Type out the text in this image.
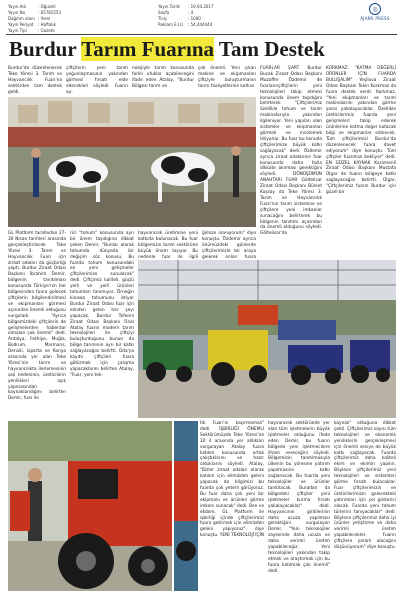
Yayın Adı	: Oğuzeli
Yayın No	: 65781553
Dağıtım alanı : Yerel
Yayın Periyot	: Haftalık
Yayın Tipi	: Gazete
Yayın Tarihi	: 19.04.2017
Sayfa	: 4
Tiraj	: 1000
Reklam E.(s)	: 54,444444
◎
AJANS PRESS
Burdur Tarım Fuarına Tam Destek
Burdur'da düzenlenecek Teke Yöresi 3. Tarım ve Hayvancılık Fuarı'na sektörden tam destek geldi.
çiftçilerin yeni tarım yoğunlaşmasının yakından görmesi fırsatı elde edecekleri söyledi. Fuarın ay-
nolojiyle tarım konusunda farklı ufuklar açabilecegini ifade eden Atalay, "Burdur Bölgesi tarım ve
çok önemli. Yeni çıkan makine ve ekipmanları çiftçiyle buluşturmanın tarım faaliyetlerine katkısı
FUARLAR ŞART Burdur Bucak Ziraat Odası Başkanı Muzaffer Özdemir de fuarlarınçiftçilerin yeni teknolojileri takip etmesi konusunda önem taşıdığını belirterek "Çiftçilerimiz özellikle tohum ve tarım makinalarıyla yakından ilgileniyor. Yeni yapılan olan sistemler ve ekipmanları görmek ve incelemek istiyorlar. Bu fuar bu konuda çiftçilerimize büyük katkı sağlayacak" dedi. Özdemir ayrıca ziraat odalarının fuar konusunda daha fazla dikkate alınması gerektiğini söyledi. DÖNÜŞÜMÜN ANAHTARI FUAR Göltelisar Ziraat Odası Başkanı Bülent Kuşsoy da Teke Yöresi 3. Tarım ve Hayvancılık Fuarı'nın tarım sistemine ve çiftçilere yeni imkanlar sunacağını belirterek bu bölgenin tanıtımı açısından da önemli olduğunu söyledi. Göltelisar'da
KORKMAZ: "KATMA DEĞERLİ ÜRÜNLER İÇİN FUARDA BULUŞALIM" Yeşilova Ziraat Odası Başkanı Tekin Korkmaz da fuara destek verdi. Korkmaz, "Yeni ekipmanları ve tarım makinalarını yakından görme şansı yakalayacaklar. Özellikle üreticilerimiz fuarda yeni gelişmeleri takip ederek ürünlerine katma değer katacak bilgi ve ekipmanlar edinecek. Tüm çiftçilerimizi Burdur'da düzenlenecek fuara davet ediyorum" diye konuştu. Tüm çiftçiler fuarımızı bekliyor" dedi. EN GÜZEL KAYNAK Karamenli Ziraat Odası Başkanı Mustafa Ülgar de fuarın bölgeye katkı sağlayacağını belirtti. Ülgar, "Çiftçilerimiz fuarın Burdur için güzel bir
GL Platform tarafından 27-30 Nisan tarihleri arasında gerçekleştirilecek Teke Yöresi 3. Tarım ve Hayvancılık Fuarı için ziraat odaları da güçbirliği yaptı. Burdur Ziraat Odası Başkanı İbrahim Demir, bölgenin tanıtılması konusunda Türkiye'nin her bölgesinden fuara gelecek çiftçilerin bilgilendirilmesi ve ekipmanları görmesi açısından önemli olduğunu vurguladı. "Ayrıca bölgemizdeki çiftçilerin de gelişmelerden haberdar olmaları çok önemli" dedi. Antalya, Fethiye, Muğla, Bodrum, Marmaris, Denizli, Isparta ve Konya arasında yer alan Teke Yöresi'nin tarım ve hayvancılıkta ilerlemesinin asıl nedeninin, üreticilerin yenilikleri açık yapmasından kaynaklandığını belirten Demir, fuar ile
rici "tohum" konusunda ayrı bir önem taşıdığına dikkat çeken Demir, "Bunlar olarak tohumda dünyada bir değişim söz konusu. Bu fuarda tohum konusundaki en yeni gelişmeler çiftçilerimize sunulacak" dedi. Çiftçimiz kaliteli, güçlü yerli ve yerli ürünleri tohumları tanımıyor. Örneğin kinowa tohumunu istiyor Burdur Ziraat Odası fuar için elinden gelen her şeyi yapacak. Burdur Tefenni Ziraat Odası Başkanı Ünal Atalay fuarın modern tarım teknolojileri ile çiftçiyi buluşturduğunu bunun da bölge tarımının ayrı bir katkı sağlayacağını belirtti. Oda'ya kayıtlı çiftçileri fuara götürmek için çalışma yapacaklarını belirten Atalay, "Fuar, yeni tek-
hayvancılık üretimine yeni katkıda bulunacak. Bu fuar bölgemizin tarım sektörüne büyük önem taşıyor. Bu nedenle fuar ile ilgili
ğimize inanıyorum" diye konuştu. Özdemir ayrıca önümüzdeki günlerde çiftçilerimizle bir araya gelerek onları fuara
tik Fuarı'nı kaçırmamalı" dedi. İŞBİRLİĞİ ÖNEMLİ Sektörümüzde Teke Yöresi'ne 10 il arasında yer aldıkları vurgulayan Atalay fuara katılım konusunda ortak çalıştıklarını ve hazır olduklarını söyledi. Atalay, "Bizler ziraat odaları olarak katılım için elimizden geleni yapacak da bilgimizi bu fuarda çok yeterli görüyoruz. Bu fuar daha çok yeni bir ekipmanı ve ürünleri görme imkanı sunacak" dedi. Ben ve ekibim, GL Platform ile işbirliği içinde çiftçilerimizi fuara getirmek için elimizden geleni yapıyoruz" diye konuştu. YENİ TEKNOLOJİ İÇİN
hayvancılık sektöründe yer alan tüm işletmelerin büyük işletmeler olduğunu ifade eden Demir, bu fuarın bölgede yeni işletmecilere ilham vereceğini söyledi. Bölgemizin tanıtılmasıyla ülkenin bu yöresine yatırım yapılmasına katkı sağlanacak. Bu fuarda yeni teknolojiler ve ürünler tanıtılacak. Buradan da bölgedeki çiftçiler yeni işletmeler kurma fırsatı yakalayacaklar" dedi. Hayvancının girdilerinin daha ucuza yapılması gerektiğini vurgulayan Demir, "Yeni teknolojiler sayesinde daha ucuza ve daha verimli üretim yapabileceğiz. Yeni teknolojileri yakından takip etmek ve araştırmak için bu fuara katılmak çok önemli" dedi.
kaynak" olduğuna dikkat çekti. Çiftçilerimiz sayısı tüm teknolojileri ve ekonomik yeniliklerin gerçekleşmesi için önemli seviye de büyük katkı sağlayacak. Fuarda çiftçilerimiz daha kaliteli ekim ve ekimin yapılırı. Böylece çiftçilerimiz yeni teknolojileri ve sistemleri görme fırsatı bulacaklar. Fuar çiftçilerimizin ve üreticilerimizin gelecekteki yatırımları için yol gösterici olacak. Fuarda yeni tohum türlerini tanıyacaklar" dedi. Böylece çiftçilerimiz daha iyi ürünler yetiştirme ve daha verimli üretim yapabilecekler. Fuarın çiftçilere yararlı olacağını düşünüyorum" diye konuştu.
